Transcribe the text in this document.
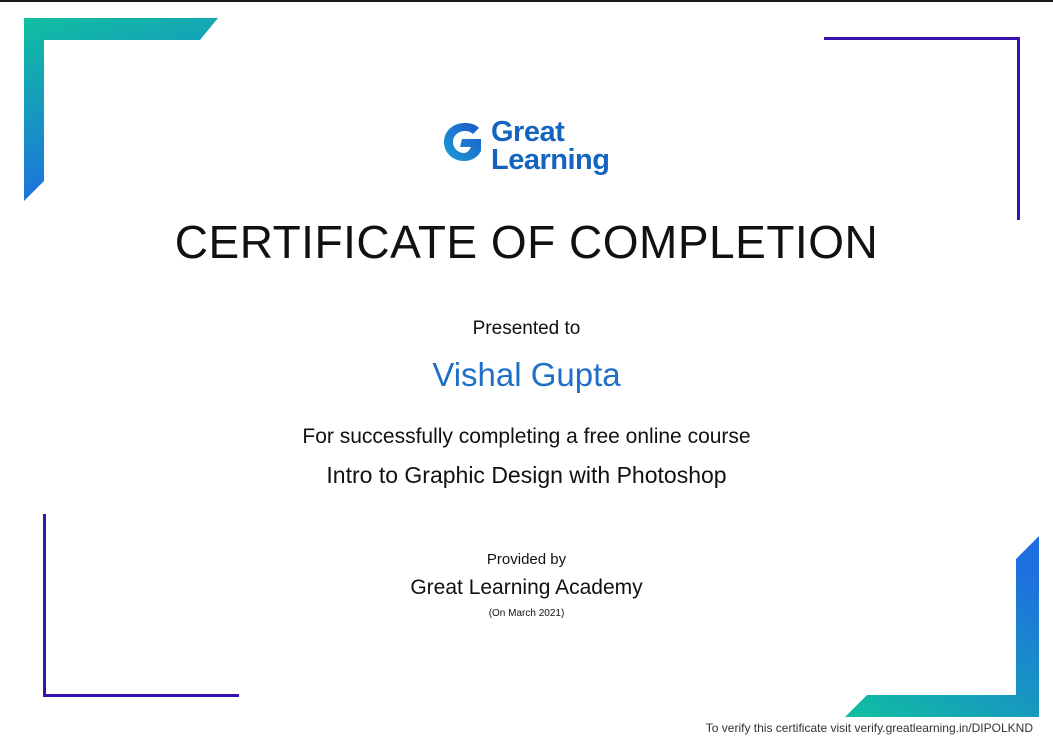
Great
Learning
CERTIFICATE OF COMPLETION
Presented to
Vishal Gupta
For successfully completing a free online course
Intro to Graphic Design with Photoshop
Provided by
Great Learning Academy
(On March 2021)
To verify this certificate visit verify.greatlearning.in/DIPOLKND
